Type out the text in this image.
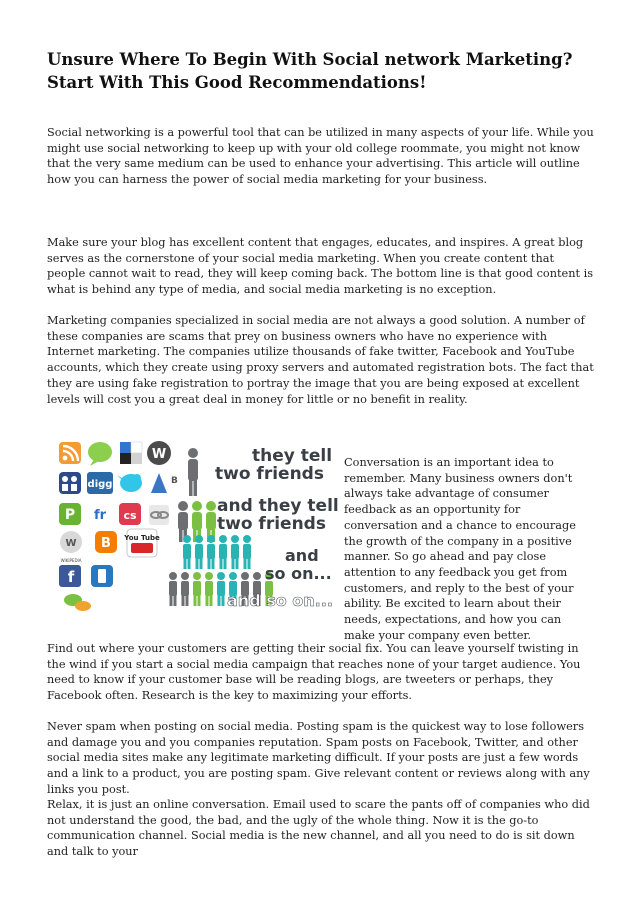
Unsure Where To Begin With Social network Marketing?
Start With This Good Recommendations!

Social networking is a powerful tool that can be utilized in many aspects of your life. While you might use social networking to keep up with your old college roommate, you might not know that the very same medium can be used to enhance your advertising. This article will outline how you can harness the power of social media marketing for your business.

Make sure your blog has excellent content that engages, educates, and inspires. A great blog serves as the cornerstone of your social media marketing. When you create content that people cannot wait to read, they will keep coming back. The bottom line is that good content is what is behind any type of media, and social media marketing is no exception.

Marketing companies specialized in social media are not always a good solution. A number of these companies are scams that prey on business owners who have no experience with Internet marketing. The companies utilize thousands of fake twitter, Facebook and YouTube accounts, which they create using proxy servers and automated registration bots. The fact that they are using fake registration to portray the image that you are being exposed at excellent levels will cost you a great deal in money for little or no benefit in reality.

W
digg	B
P fr cs
W
WIKIPEDIA
B You Tube
f
they tell
two friends
and they tell
two friends
and
so on...
and so on...

Conversation is an important idea to remember. Many business owners don't always take advantage of consumer feedback as an opportunity for conversation and a chance to encourage the growth of the company in a positive manner. So go ahead and pay close attention to any feedback you get from customers, and reply to the best of your ability. Be excited to learn about their needs, expectations, and how you can make your company even better.

Find out where your customers are getting their social fix. You can leave yourself twisting in the wind if you start a social media campaign that reaches none of your target audience. You need to know if your customer base will be reading blogs, are tweeters or perhaps, they Facebook often. Research is the key to maximizing your efforts.

Never spam when posting on social media. Posting spam is the quickest way to lose followers and damage you and you companies reputation. Spam posts on Facebook, Twitter, and other social media sites make any legitimate marketing difficult. If your posts are just a few words and a link to a product, you are posting spam. Give relevant content or reviews along with any links you post.

Relax, it is just an online conversation. Email used to scare the pants off of companies who did not understand the good, the bad, and the ugly of the whole thing. Now it is the go-to communication channel. Social media is the new channel, and all you need to do is sit down and talk to your
